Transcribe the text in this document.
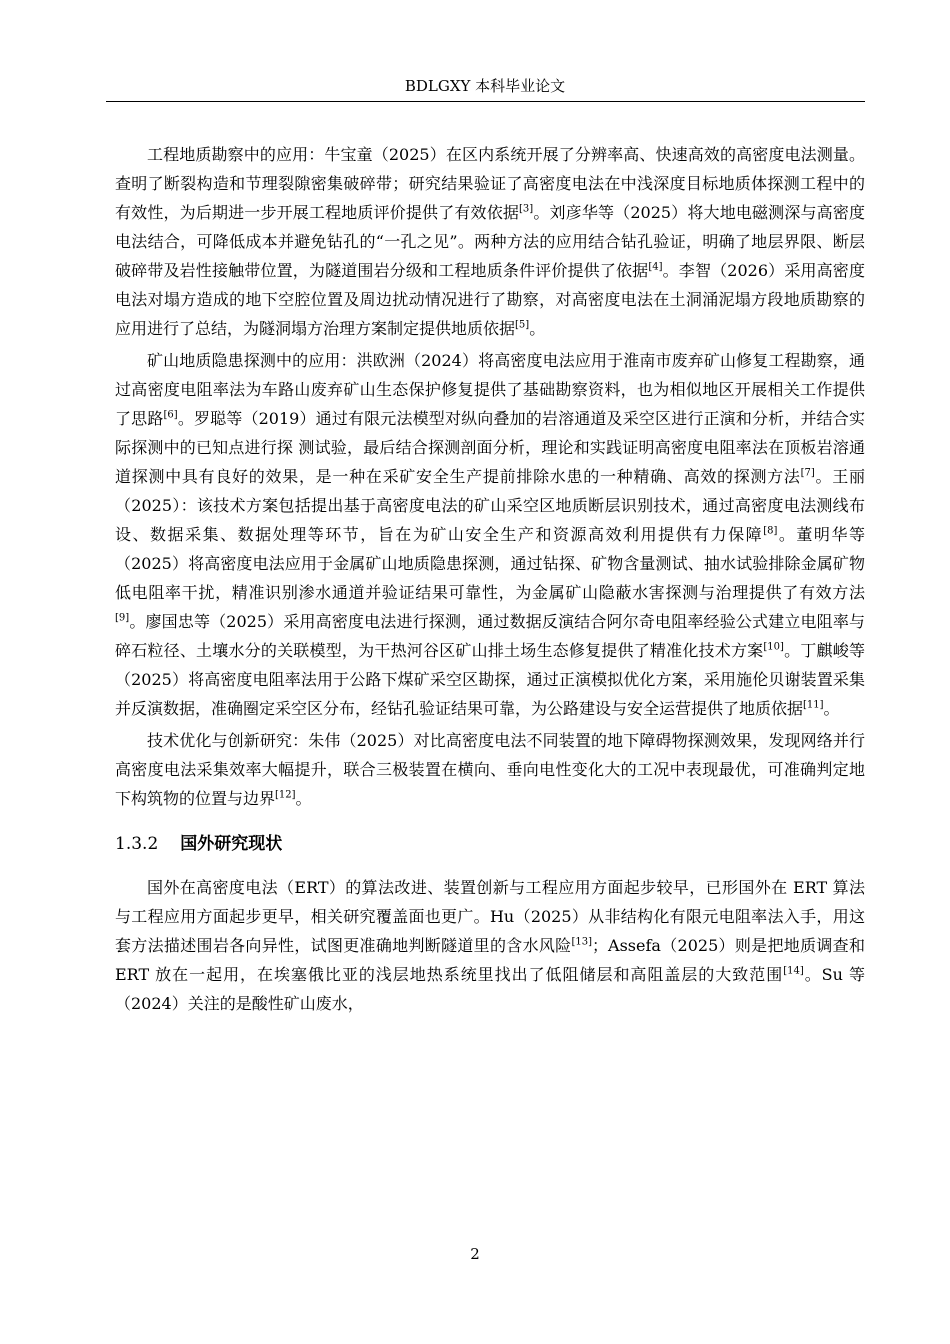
BDLGXY 本科毕业论文

工程地质勘察中的应用：牛宝童（2025）在区内系统开展了分辨率高、快速高效的高密度电法测量。查明了断裂构造和节理裂隙密集破碎带；研究结果验证了高密度电法在中浅深度目标地质体探测工程中的有效性，为后期进一步开展工程地质评价提供了有效依据[3]。刘彦华等（2025）将大地电磁测深与高密度电法结合，可降低成本并避免钻孔的“一孔之见”。两种方法的应用结合钻孔验证，明确了地层界限、断层破碎带及岩性接触带位置，为隧道围岩分级和工程地质条件评价提供了依据[4]。李智（2026）采用高密度电法对塌方造成的地下空腔位置及周边扰动情况进行了勘察，对高密度电法在土洞涌泥塌方段地质勘察的应用进行了总结，为隧洞塌方治理方案制定提供地质依据[5]。

矿山地质隐患探测中的应用：洪欧洲（2024）将高密度电法应用于淮南市废弃矿山修复工程勘察，通过高密度电阻率法为车路山废弃矿山生态保护修复提供了基础勘察资料，也为相似地区开展相关工作提供了思路[6]。罗聪等（2019）通过有限元法模型对纵向叠加的岩溶通道及采空区进行正演和分析，并结合实际探测中的已知点进行探 测试验，最后结合探测剖面分析，理论和实践证明高密度电阻率法在顶板岩溶通道探测中具有良好的效果，是一种在采矿安全生产提前排除水患的一种精确、高效的探测方法[7]。王丽（2025）：该技术方案包括提出基于高密度电法的矿山采空区地质断层识别技术，通过高密度电法测线布设、数据采集、数据处理等环节，旨在为矿山安全生产和资源高效利用提供有力保障[8]。董明华等（2025）将高密度电法应用于金属矿山地质隐患探测，通过钻探、矿物含量测试、抽水试验排除金属矿物低电阻率干扰，精准识别渗水通道并验证结果可靠性，为金属矿山隐蔽水害探测与治理提供了有效方法[9]。廖国忠等（2025）采用高密度电法进行探测，通过数据反演结合阿尔奇电阻率经验公式建立电阻率与碎石粒径、土壤水分的关联模型，为干热河谷区矿山排土场生态修复提供了精准化技术方案[10]。丁麒峻等（2025）将高密度电阻率法用于公路下煤矿采空区勘探，通过正演模拟优化方案，采用施伦贝谢装置采集并反演数据，准确圈定采空区分布，经钻孔验证结果可靠，为公路建设与安全运营提供了地质依据[11]。

技术优化与创新研究：朱伟（2025）对比高密度电法不同装置的地下障碍物探测效果，发现网络并行高密度电法采集效率大幅提升，联合三极装置在横向、垂向电性变化大的工况中表现最优，可准确判定地下构筑物的位置与边界[12]。

1.3.2 国外研究现状

国外在高密度电法（ERT）的算法改进、装置创新与工程应用方面起步较早，已形国外在 ERT 算法与工程应用方面起步更早，相关研究覆盖面也更广。Hu（2025）从非结构化有限元电阻率法入手，用这套方法描述围岩各向异性，试图更准确地判断隧道里的含水风险[13]；Assefa（2025）则是把地质调查和 ERT 放在一起用，在埃塞俄比亚的浅层地热系统里找出了低阻储层和高阻盖层的大致范围[14]。Su 等（2024）关注的是酸性矿山废水，

2
